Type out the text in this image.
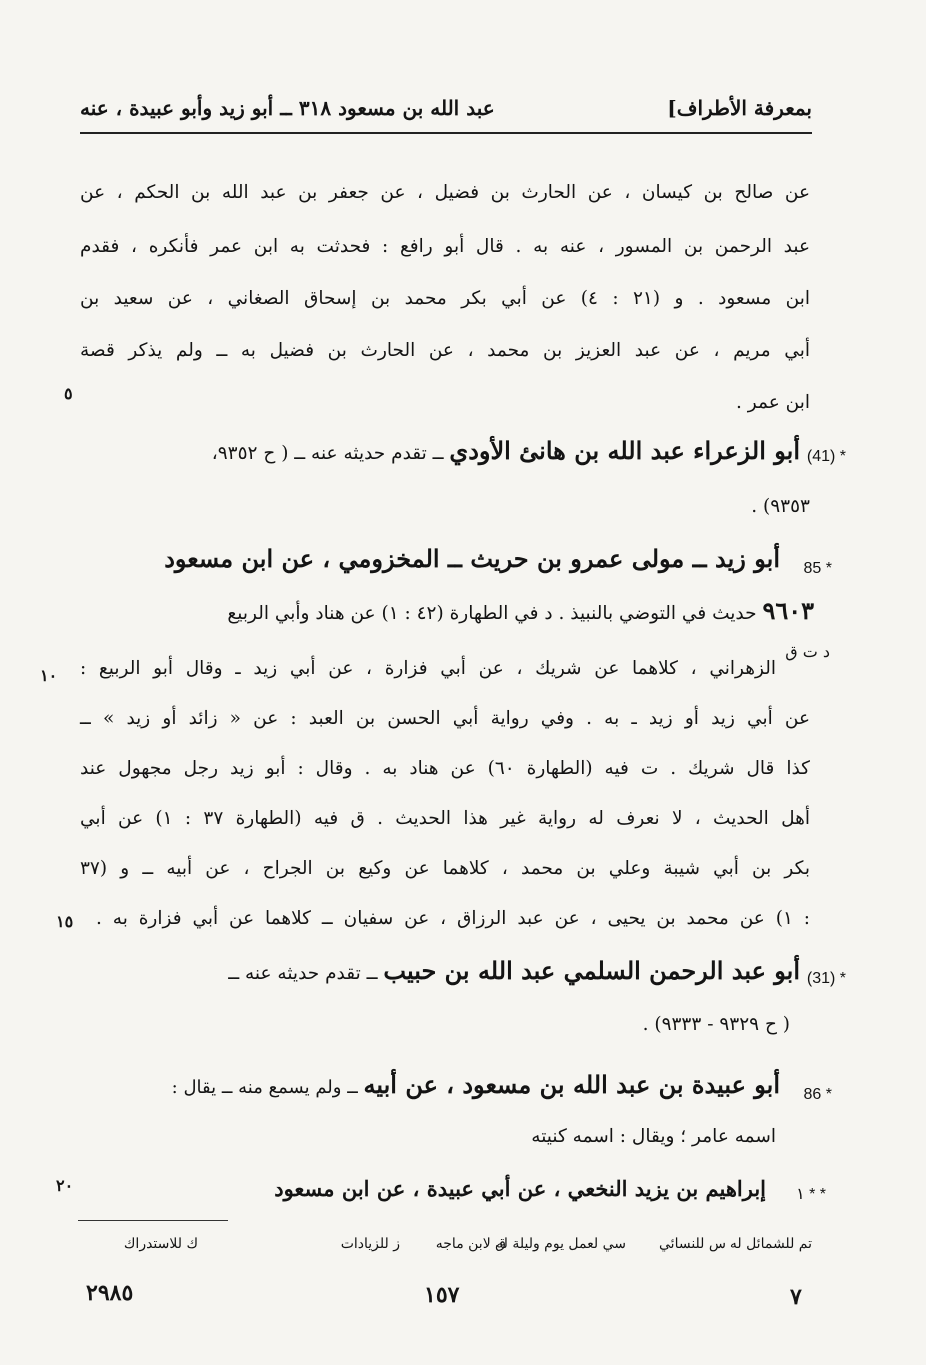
بمعرفة الأطراف]
عبد الله بن مسعود ٣١٨ ــ أبو زيد وأبو عبيدة ، عنه
عن صالح بن كيسان ، عن الحارث بن فضيل ، عن جعفر بن عبد الله بن الحكم ، عن
عبد الرحمن بن المسور ، عنه به . قال أبو رافع : فحدثت به ابن عمر فأنكره ، فقدم
ابن مسعود . و (٢١ : ٤) عن أبي بكر محمد بن إسحاق الصغاني ، عن سعيد بن
أبي مريم ، عن عبد العزيز بن محمد ، عن الحارث بن فضيل به ــ ولم يذكر قصة
ابن عمر .
(41) *
أبو الزعراء عبد الله بن هانئ الأودي ــ تقدم حديثه عنه ــ ( ح ٩٣٥٢،
٩٣٥٣) .
85 *
أبو زيد ــ مولى عمرو بن حريث ــ المخزومي ، عن ابن مسعود
٩٦٠٣ حديث في التوضي بالنبيذ . د في الطهارة (٤٢ : ١) عن هناد وأبي الربيع
د ت ق
الزهراني ، كلاهما عن شريك ، عن أبي فزارة ، عن أبي زيد ـ وقال أبو الربيع :
عن أبي زيد أو زيد ـ به . وفي رواية أبي الحسن بن العبد : عن « زائد أو زيد » ــ
كذا قال شريك . ت فيه (الطهارة ٦٠) عن هناد به . وقال : أبو زيد رجل مجهول عند
أهل الحديث ، لا نعرف له رواية غير هذا الحديث . ق فيه (الطهارة ٣٧ : ١) عن أبي
بكر بن أبي شيبة وعلي بن محمد ، كلاهما عن وكيع بن الجراح ، عن أبيه ــ و (٣٧
: ١) عن محمد بن يحيى ، عن عبد الرزاق ، عن سفيان ــ كلاهما عن أبي فزارة به .
(31) *
أبو عبد الرحمن السلمي عبد الله بن حبيب ــ تقدم حديثه عنه ــ
( ح ٩٣٢٩ - ٩٣٣٣) .
86 *
أبو عبيدة بن عبد الله بن مسعود ، عن أبيه ــ ولم يسمع منه ــ يقال :
اسمه عامر ؛ ويقال : اسمه كنيته
١ * *
إبراهيم بن يزيد النخعي ، عن أبي عبيدة ، عن ابن مسعود
٥
١٠
١٥
٢٠
تم للشمائل له
س للنسائي
سي لعمل يوم وليلة له
ق لابن ماجه
ز للزيادات
ك للاستدراك
٢٩٨٥	١٥٧	٧
